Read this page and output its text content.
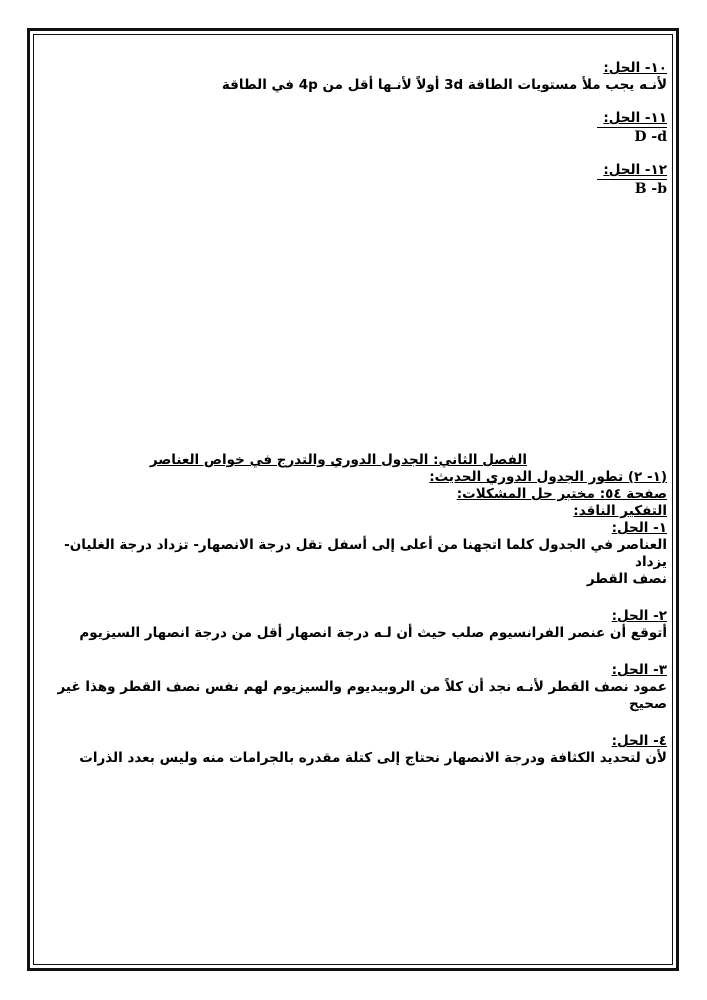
١٠- الحل:
لأنـه يجب ملأ مستويات الطاقة 3d أولاً لأنـها أقل من 4p في الطاقة
١١- الحل:
D -d
١٢- الحل:
B -b
الفصل الثاني: الجدول الدوري والتدرج في خواص العناصر
(١- ٢) تطور الجدول الدوري الحديث:
صفحة ٥٤: مختبر حل المشكلات:
التفكير الناقد:
١- الحل:
العناصر في الجدول كلما اتجهنا من أعلى إلى أسفل تقل درجة الانصهار- تزداد درجة الغليان- يزداد
نصف القطر
٢- الحل:
أتوقع أن عنصر الفرانسيوم صلب حيث أن لـه درجة انصهار أقل من درجة انصهار السيزيوم
٣- الحل:
عمود نصف القطر لأنـه نجد أن كلاً من الروبيديوم والسيزيوم لهم نفس نصف القطر وهذا غير صحيح
٤- الحل:
لأن لتحديد الكثافة ودرجة الانصهار نحتاج إلى كتلة مقدره بالجرامات منه وليس بعدد الذرات
